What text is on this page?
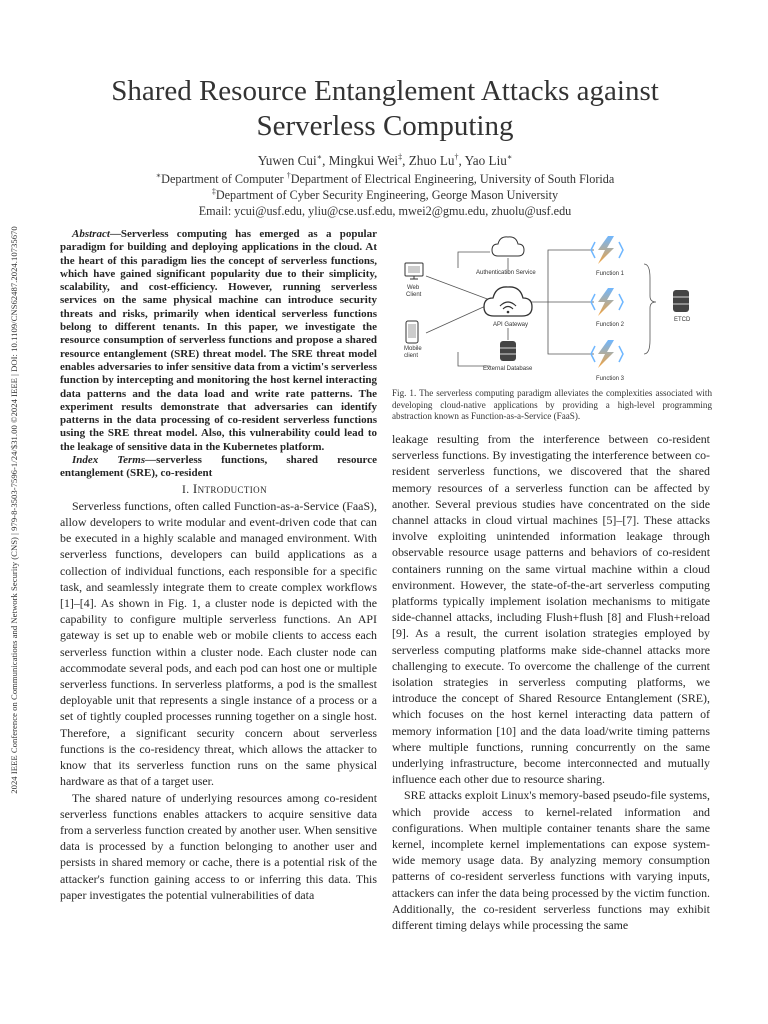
2024 IEEE Conference on Communications and Network Security (CNS) | 979-8-3503-7596-1/24/$31.00 ©2024 IEEE | DOI: 10.1109/CNS62487.2024.10735670
Shared Resource Entanglement Attacks against
Serverless Computing
Yuwen Cui∗, Mingkui Wei‡, Zhuo Lu†, Yao Liu∗
∗Department of Computer †Department of Electrical Engineering, University of South Florida
‡Department of Cyber Security Engineering, George Mason University
Email: ycui@usf.edu, yliu@cse.usf.edu, mwei2@gmu.edu, zhuolu@usf.edu

Abstract—Serverless computing has emerged as a popular paradigm for building and deploying applications in the cloud. At the heart of this paradigm lies the concept of serverless functions, which have gained significant popularity due to their simplicity, scalability, and cost-efficiency. However, running serverless services on the same physical machine can introduce security threats and risks, primarily when identical serverless functions belong to different tenants. In this paper, we investigate the resource consumption of serverless functions and propose a shared resource entanglement (SRE) threat model. The SRE threat model enables adversaries to infer sensitive data from a victim's serverless function by intercepting and monitoring the host kernel interacting data patterns and the data load and write rate patterns. The experiment results demonstrate that adversaries can identify patterns in the data processing of co-resident serverless functions using the SRE threat model. Also, this vulnerability could lead to the leakage of sensitive data in the Kubernetes platform.

Index Terms—serverless functions, shared resource entanglement (SRE), co-resident

I. Introduction

Serverless functions, often called Function-as-a-Service (FaaS), allow developers to write modular and event-driven code that can be executed in a highly scalable and managed environment. With serverless functions, developers can build applications as a collection of individual functions, each responsible for a specific task, and seamlessly integrate them to create complex workflows [1]–[4]. As shown in Fig. 1, a cluster node is depicted with the capability to configure multiple serverless functions. An API gateway is set up to enable web or mobile clients to access each serverless function within a cluster node. Each cluster node can accommodate several pods, and each pod can host one or multiple serverless functions. In serverless platforms, a pod is the smallest deployable unit that represents a single instance of a process or a set of tightly coupled processes running together on a single host. Therefore, a significant security concern about serverless functions is the co-residency threat, which allows the attacker to know that its serverless function runs on the same physical hardware as that of a target user.

The shared nature of underlying resources among co-resident serverless functions enables attackers to acquire sensitive data from a serverless function created by another user. When sensitive data is processed by a function belonging to another user and persists in shared memory or cache, there is a potential risk of the attacker's function gaining access to or inferring this data. This paper investigates the potential vulnerabilities of data

Web
Client
Mobile
client
Authentication Service
API Gateway
External Database
Function 1
Function 2
Function 3
ETCD
Fig. 1. The serverless computing paradigm alleviates the complexities associated with developing cloud-native applications by providing a high-level programming abstraction known as Function-as-a-Service (FaaS).

leakage resulting from the interference between co-resident serverless functions. By investigating the interference between co-resident serverless functions, we discovered that the shared memory resources of a serverless function can be affected by another. Several previous studies have concentrated on the side channel attacks in cloud virtual machines [5]–[7]. These attacks involve exploiting unintended information leakage through observable resource usage patterns and behaviors of co-resident containers running on the same virtual machine within a cloud environment. However, the state-of-the-art serverless computing platforms typically implement isolation mechanisms to mitigate side-channel attacks, including Flush+flush [8] and Flush+reload [9]. As a result, the current isolation strategies employed by serverless computing platforms make side-channel attacks more challenging to execute. To overcome the challenge of the current isolation strategies in serverless computing platforms, we introduce the concept of Shared Resource Entanglement (SRE), which focuses on the host kernel interacting data pattern of memory information [10] and the data load/write timing patterns where multiple functions, running concurrently on the same underlying infrastructure, become interconnected and mutually influence each other due to resource sharing.

SRE attacks exploit Linux's memory-based pseudo-file systems, which provide access to kernel-related information and configurations. When multiple container tenants share the same kernel, incomplete kernel implementations can expose system-wide memory usage data. By analyzing memory consumption patterns of co-resident serverless functions with varying inputs, attackers can infer the data being processed by the victim function. Additionally, the co-resident serverless functions may exhibit different timing delays while processing the same
